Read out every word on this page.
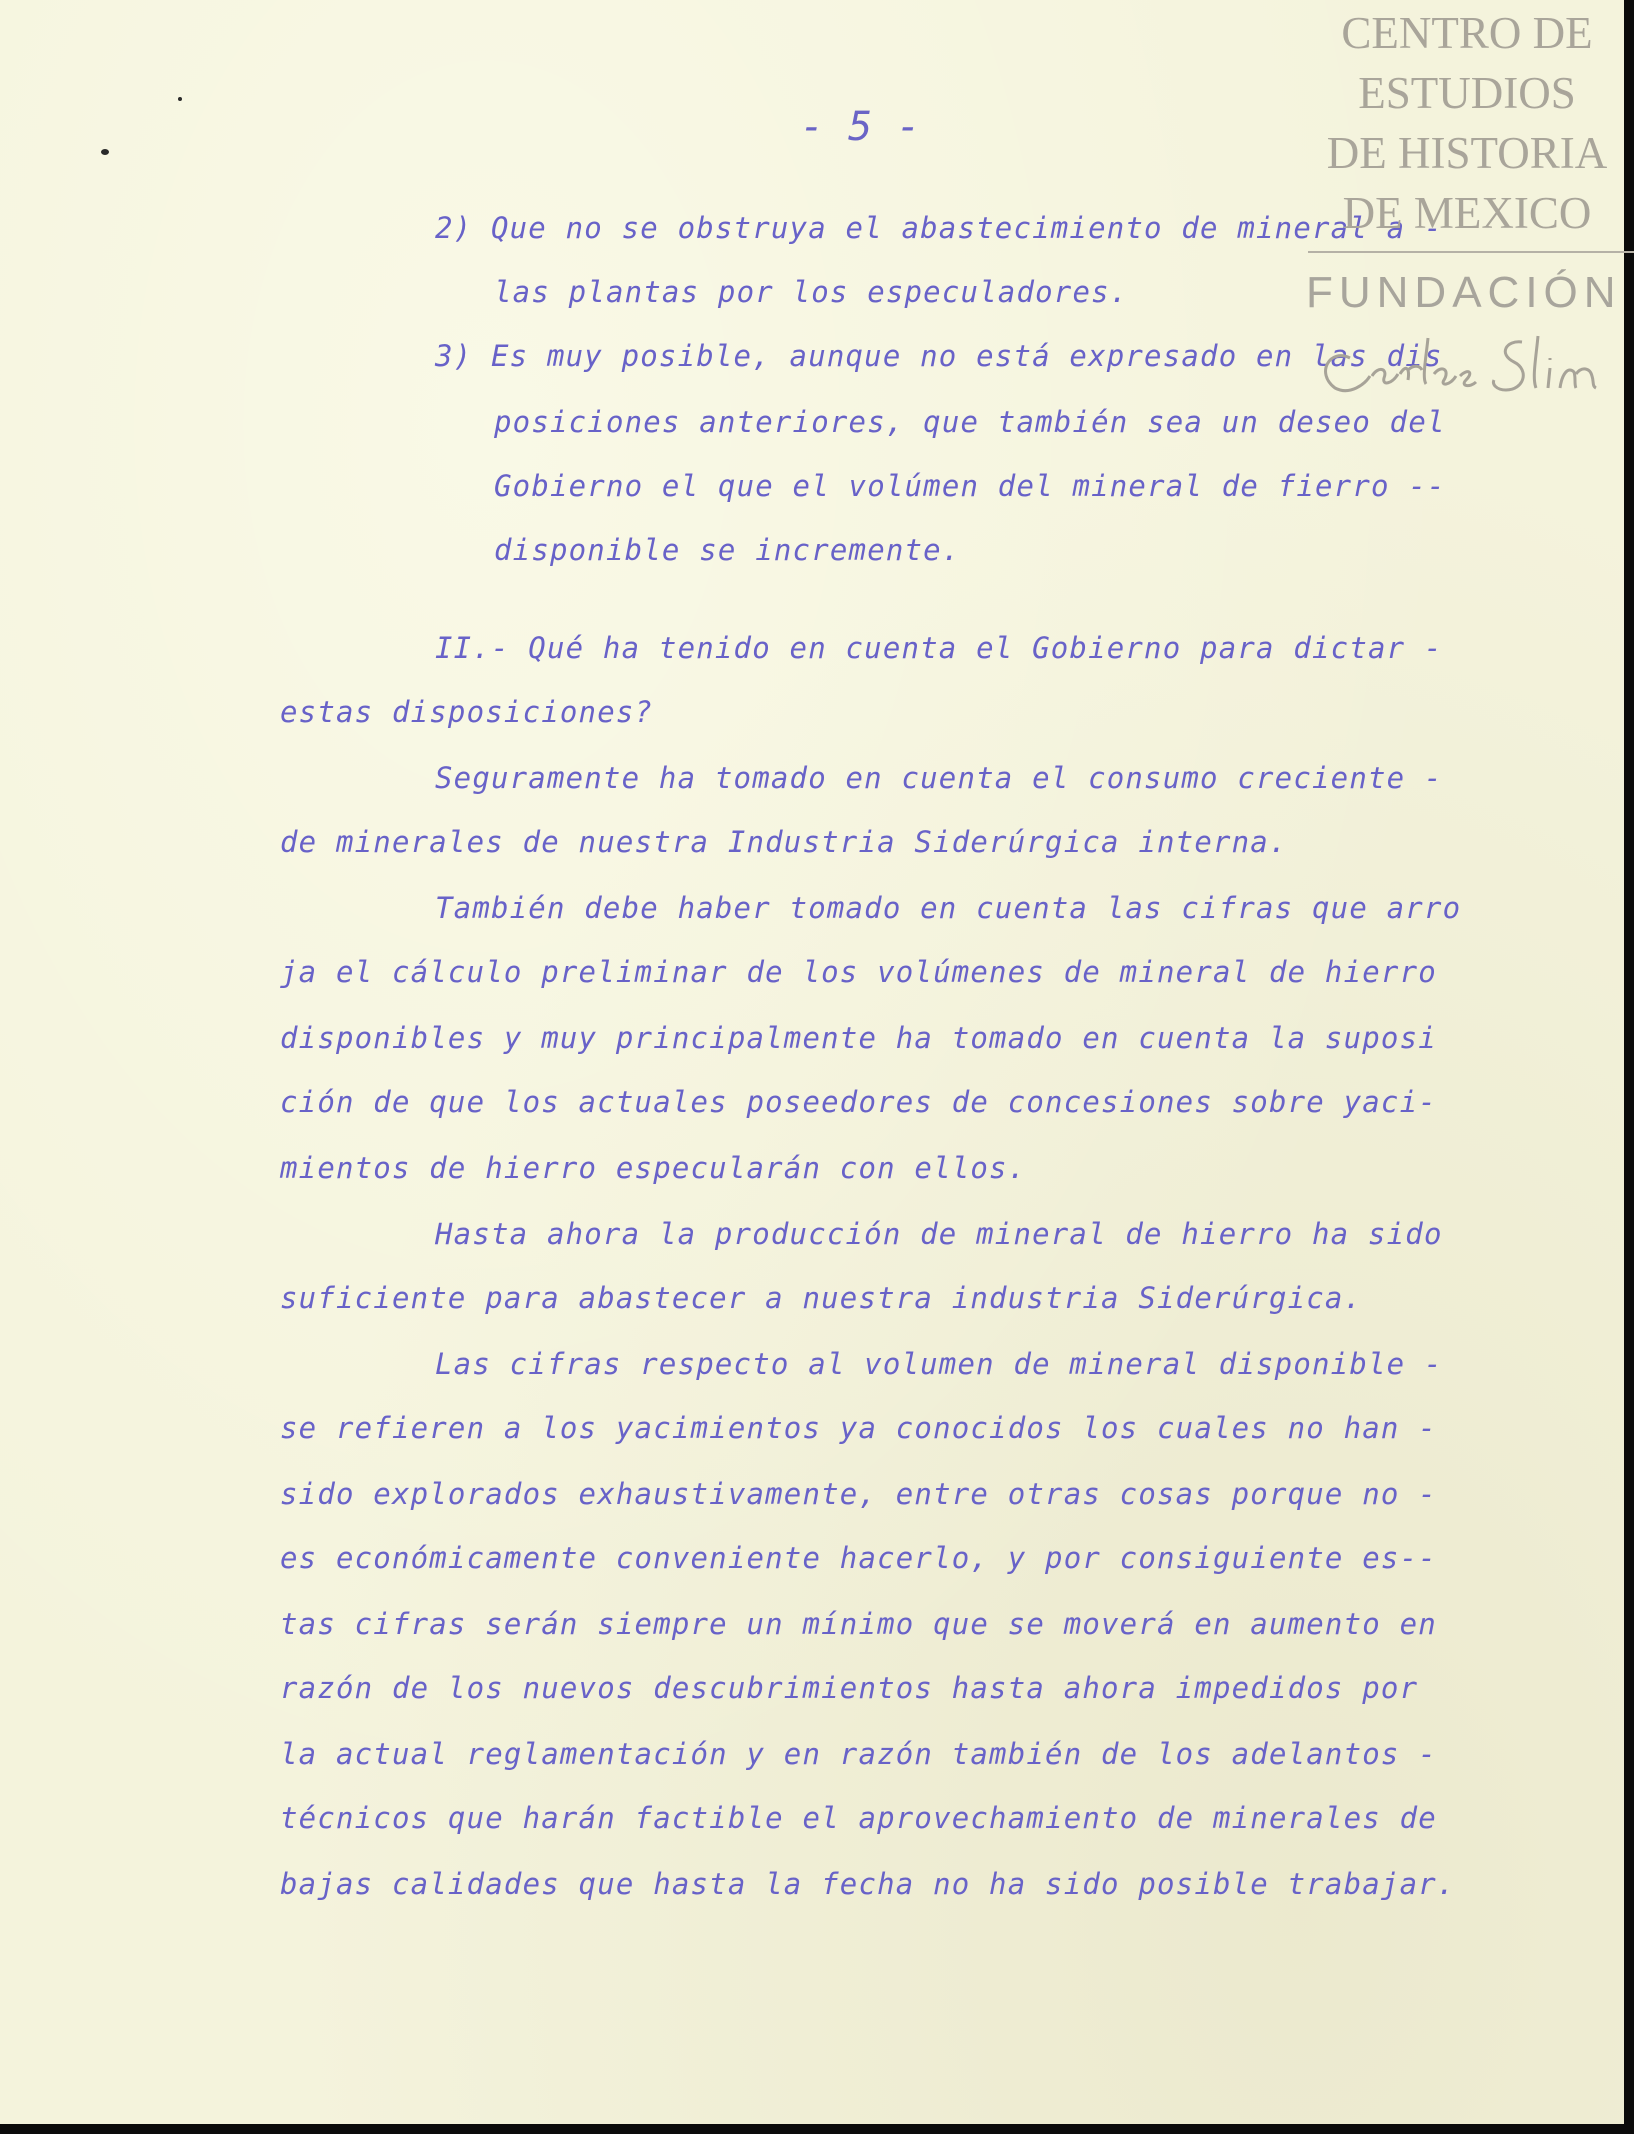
- 5 -
2) Que no se obstruya el abastecimiento de mineral a -
las plantas por los especuladores.
3) Es muy posible, aunque no está expresado en las dis
posiciones anteriores, que también sea un deseo del
Gobierno el que el volúmen del mineral de fierro --
disponible se incremente.
II.- Qué ha tenido en cuenta el Gobierno para dictar -
estas disposiciones?
Seguramente ha tomado en cuenta el consumo creciente -
de minerales de nuestra Industria Siderúrgica interna.
También debe haber tomado en cuenta las cifras que arro
ja el cálculo preliminar de los volúmenes de mineral de hierro
disponibles y muy principalmente ha tomado en cuenta la suposi
ción de que los actuales poseedores de concesiones sobre yaci-
mientos de hierro especularán con ellos.
Hasta ahora la producción de mineral de hierro ha sido
suficiente para abastecer a nuestra industria Siderúrgica.
Las cifras respecto al volumen de mineral disponible -
se refieren a los yacimientos ya conocidos los cuales no han -
sido explorados exhaustivamente, entre otras cosas porque no -
es económicamente conveniente hacerlo, y por consiguiente es--
tas cifras serán siempre un mínimo que se moverá en aumento en
razón de los nuevos descubrimientos hasta ahora impedidos por
la actual reglamentación y en razón también de los adelantos -
técnicos que harán factible el aprovechamiento de minerales de
bajas calidades que hasta la fecha no ha sido posible trabajar.
CENTRO DE
ESTUDIOS
DE HISTORIA
DE MEXICO
FUNDACIÓN
